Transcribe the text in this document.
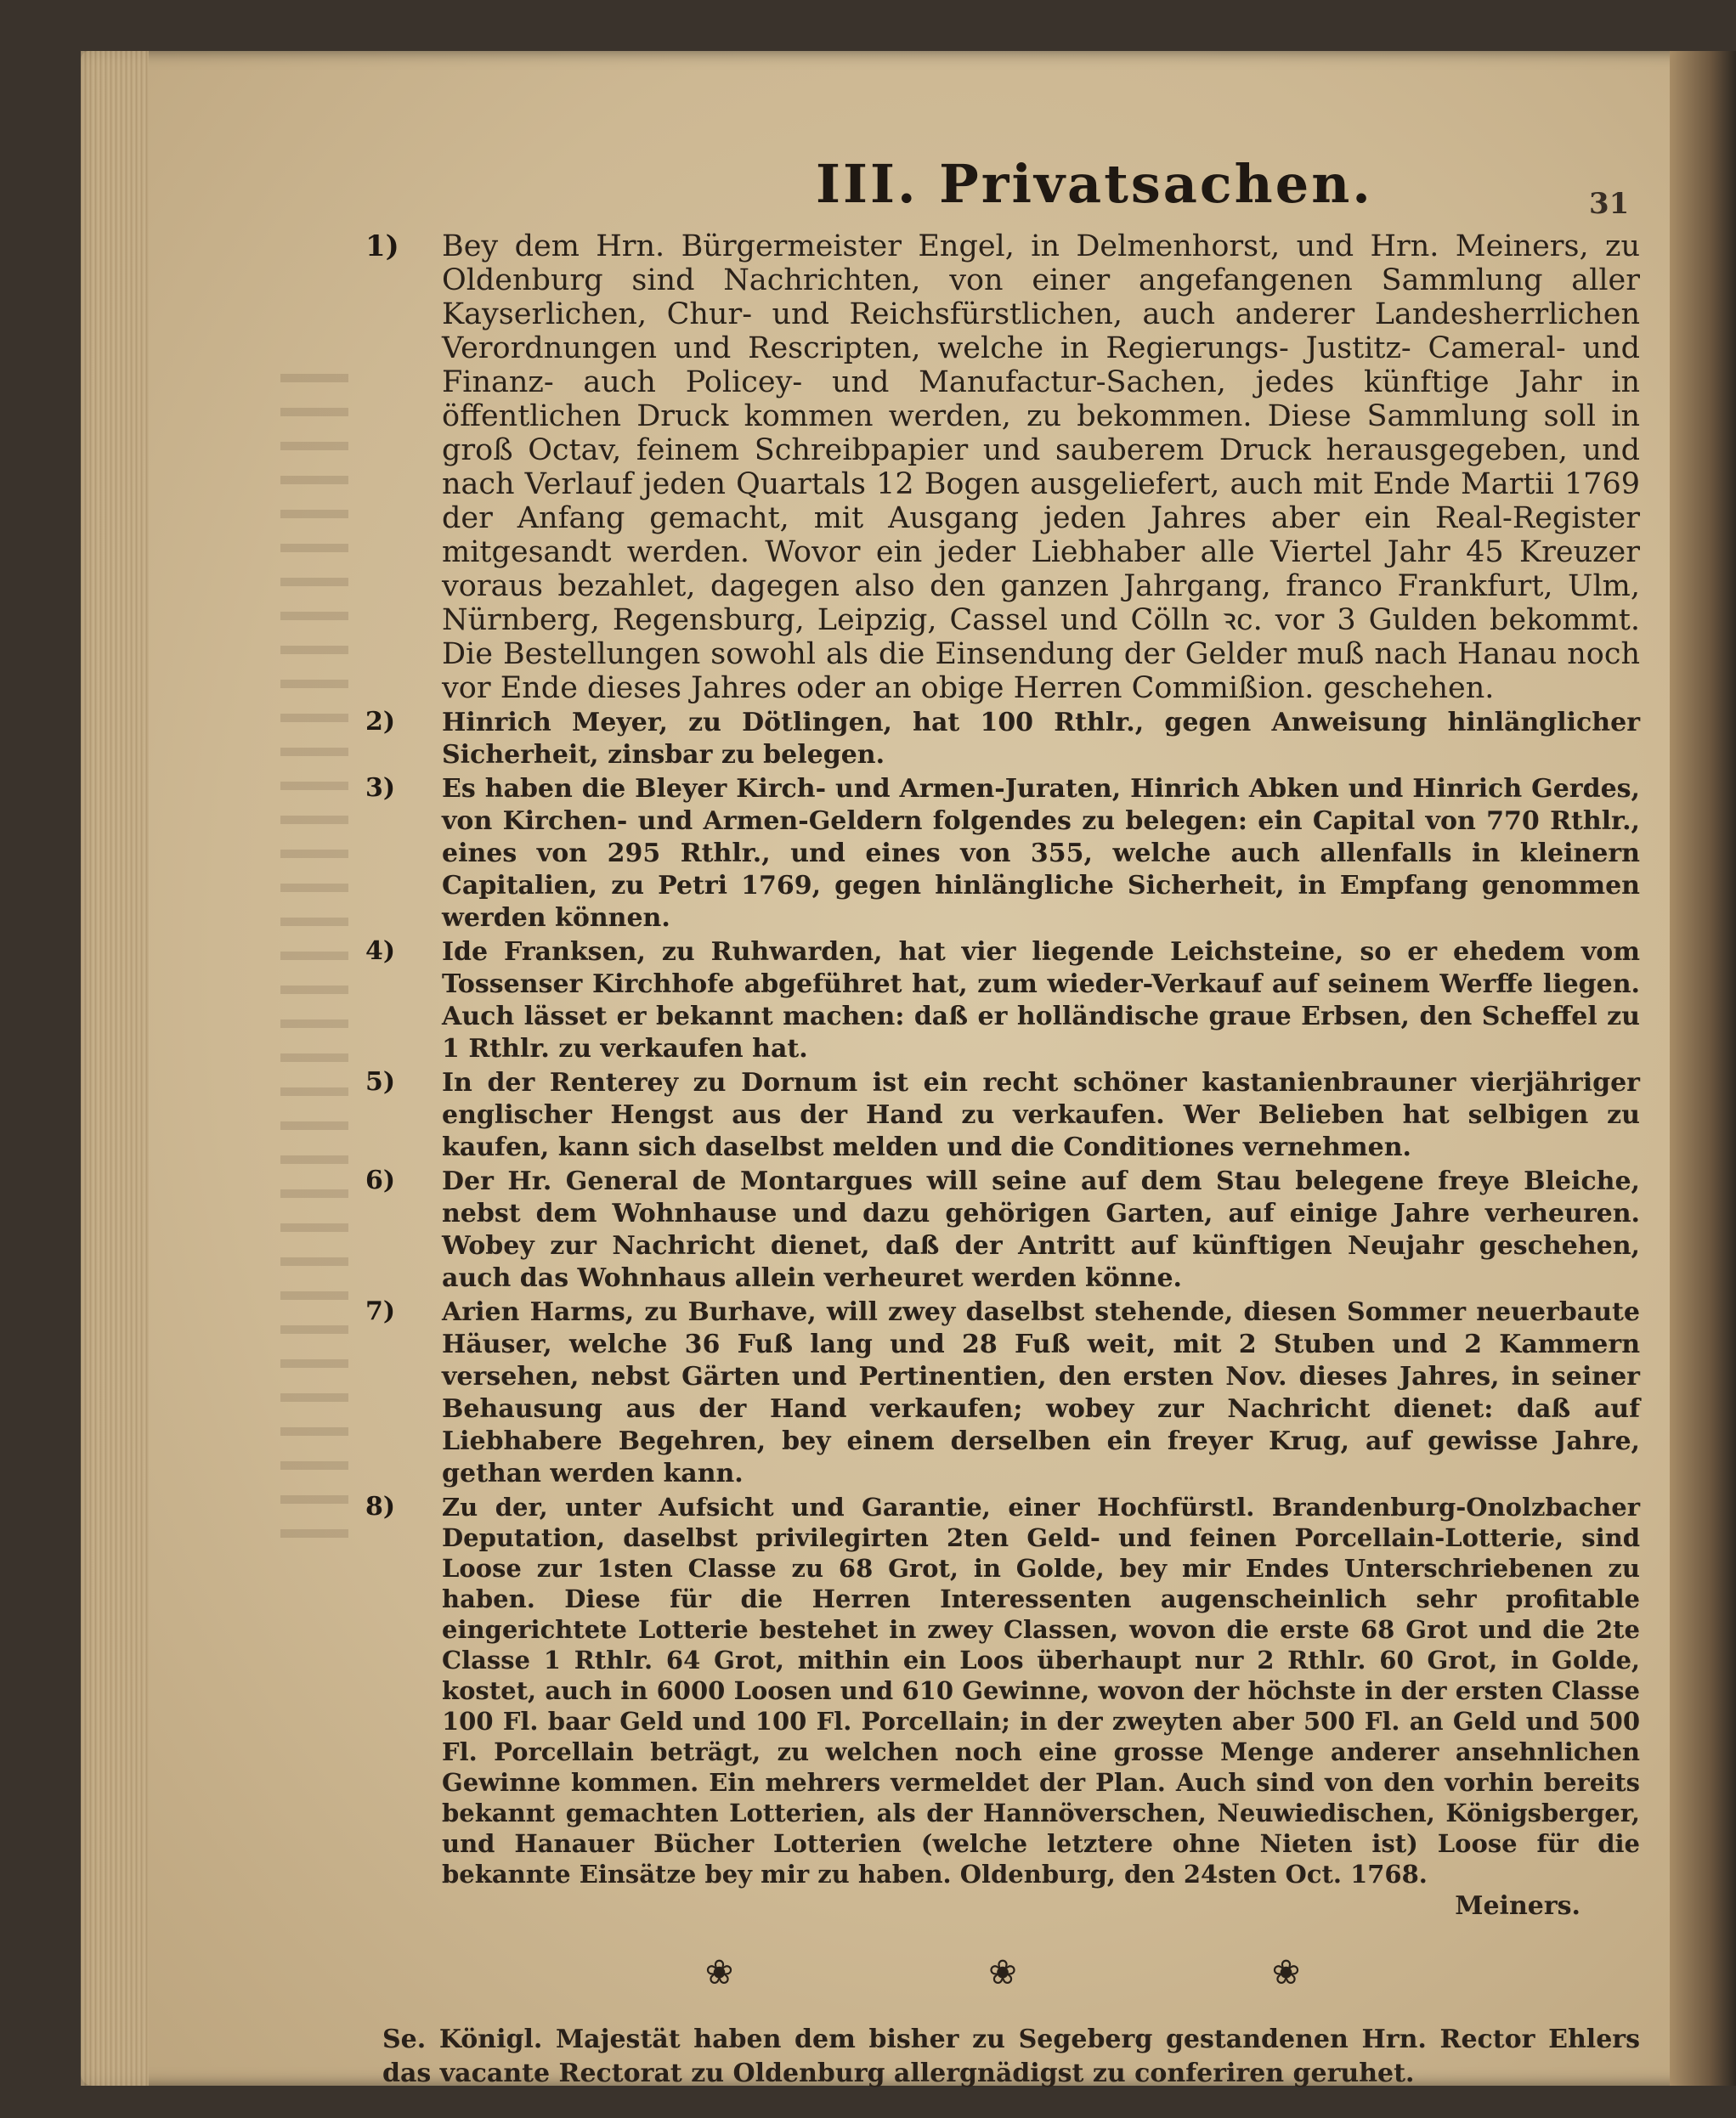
III. Privatsachen.	31
1)	Bey dem Hrn. Bürgermeister Engel, in Delmenhorst, und Hrn. Meiners, zu Oldenburg sind Nachrichten, von einer angefangenen Sammlung aller Kayserlichen, Chur- und Reichsfürstlichen, auch anderer Landesherrlichen Verordnungen und Rescripten, welche in Regierungs- Justitz- Cameral- und Finanz- auch Policey- und Manufactur-Sachen, jedes künftige Jahr in öffentlichen Druck kommen werden, zu bekommen. Diese Sammlung soll in groß Octav, feinem Schreibpapier und sauberem Druck herausgegeben, und nach Verlauf jeden Quartals 12 Bogen ausgeliefert, auch mit Ende Martii 1769 der Anfang gemacht, mit Ausgang jeden Jahres aber ein Real-Register mitgesandt werden. Wovor ein jeder Liebhaber alle Viertel Jahr 45 Kreuzer voraus bezahlet, dagegen also den ganzen Jahrgang, franco Frankfurt, Ulm, Nürnberg, Regensburg, Leipzig, Cassel und Cölln ꝛc. vor 3 Gulden bekommt. Die Bestellungen sowohl als die Einsendung der Gelder muß nach Hanau noch vor Ende dieses Jahres oder an obige Herren Commißion. geschehen.
2)	Hinrich Meyer, zu Dötlingen, hat 100 Rthlr., gegen Anweisung hinlänglicher Sicherheit, zinsbar zu belegen.
3)	Es haben die Bleyer Kirch- und Armen-Juraten, Hinrich Abken und Hinrich Gerdes, von Kirchen- und Armen-Geldern folgendes zu belegen: ein Capital von 770 Rthlr., eines von 295 Rthlr., und eines von 355, welche auch allenfalls in kleinern Capitalien, zu Petri 1769, gegen hinlängliche Sicherheit, in Empfang genommen werden können.
4)	Ide Franksen, zu Ruhwarden, hat vier liegende Leichsteine, so er ehedem vom Tossenser Kirchhofe abgeführet hat, zum wieder-Verkauf auf seinem Werffe liegen. Auch lässet er bekannt machen: daß er holländische graue Erbsen, den Scheffel zu 1 Rthlr. zu verkaufen hat.
5)	In der Renterey zu Dornum ist ein recht schöner kastanienbrauner vierjähriger englischer Hengst aus der Hand zu verkaufen. Wer Belieben hat selbigen zu kaufen, kann sich daselbst melden und die Conditiones vernehmen.
6)	Der Hr. General de Montargues will seine auf dem Stau belegene freye Bleiche, nebst dem Wohnhause und dazu gehörigen Garten, auf einige Jahre verheuren. Wobey zur Nachricht dienet, daß der Antritt auf künftigen Neujahr geschehen, auch das Wohnhaus allein verheuret werden könne.
7)	Arien Harms, zu Burhave, will zwey daselbst stehende, diesen Sommer neuerbaute Häuser, welche 36 Fuß lang und 28 Fuß weit, mit 2 Stuben und 2 Kammern versehen, nebst Gärten und Pertinentien, den ersten Nov. dieses Jahres, in seiner Behausung aus der Hand verkaufen; wobey zur Nachricht dienet: daß auf Liebhabere Begehren, bey einem derselben ein freyer Krug, auf gewisse Jahre, gethan werden kann.
8)	Zu der, unter Aufsicht und Garantie, einer Hochfürstl. Brandenburg-Onolzbacher Deputation, daselbst privilegirten 2ten Geld- und feinen Porcellain-Lotterie, sind Loose zur 1sten Classe zu 68 Grot, in Golde, bey mir Endes Unterschriebenen zu haben. Diese für die Herren Interessenten augenscheinlich sehr profitable eingerichtete Lotterie bestehet in zwey Classen, wovon die erste 68 Grot und die 2te Classe 1 Rthlr. 64 Grot, mithin ein Loos überhaupt nur 2 Rthlr. 60 Grot, in Golde, kostet, auch in 6000 Loosen und 610 Gewinne, wovon der höchste in der ersten Classe 100 Fl. baar Geld und 100 Fl. Porcellain; in der zweyten aber 500 Fl. an Geld und 500 Fl. Porcellain beträgt, zu welchen noch eine grosse Menge anderer ansehnlichen Gewinne kommen. Ein mehrers vermeldet der Plan. Auch sind von den vorhin bereits bekannt gemachten Lotterien, als der Hannöverschen, Neuwiedischen, Königsberger, und Hanauer Bücher Lotterien (welche letztere ohne Nieten ist) Loose für die bekannte Einsätze bey mir zu haben. Oldenburg, den 24sten Oct. 1768.
Meiners.
❀	❀	❀
Se. Königl. Majestät haben dem bisher zu Segeberg gestandenen Hrn. Rector Ehlers das vacante Rectorat zu Oldenburg allergnädigst zu conferiren geruhet.
